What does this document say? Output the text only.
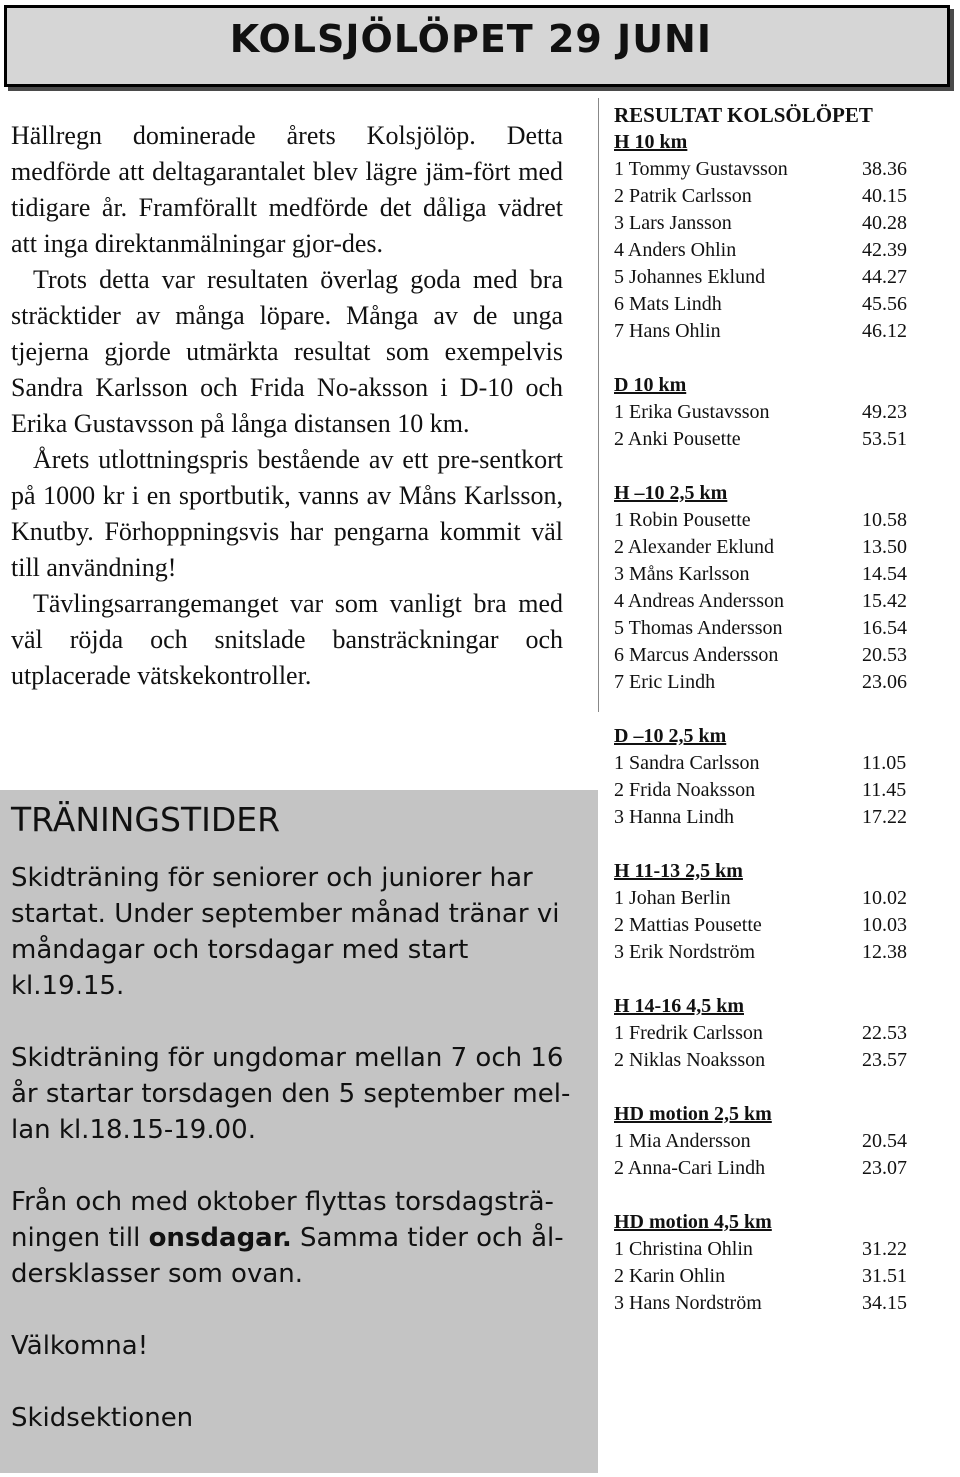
KOLSJÖLÖPET 29 JUNI

Hällregn dominerade årets Kolsjölöp. Detta medförde att deltagarantalet blev lägre jäm-fört med tidigare år. Framförallt medförde det dåliga vädret att inga direktanmälningar gjor-des.

Trots detta var resultaten överlag goda med bra sträcktider av många löpare. Många av de unga tjejerna gjorde utmärkta resultat som exempelvis Sandra Karlsson och Frida No-aksson i D-10 och Erika Gustavsson på långa distansen 10 km.

Årets utlottningspris bestående av ett pre-sentkort på 1000 kr i en sportbutik, vanns av Måns Karlsson, Knutby. Förhoppningsvis har pengarna kommit väl till användning!

Tävlingsarrangemanget var som vanligt bra med väl röjda och snitslade bansträckningar och utplacerade vätskekontroller.

RESULTAT KOLSÖLÖPET
H 10 km
1 Tommy Gustavsson	38.36
2 Patrik Carlsson	40.15
3 Lars Jansson	40.28
4 Anders Ohlin	42.39
5 Johannes Eklund	44.27
6 Mats Lindh	45.56
7 Hans Ohlin	46.12
D 10 km
1 Erika Gustavsson	49.23
2 Anki Pousette	53.51
H –10 2,5 km
1 Robin Pousette	10.58
2 Alexander Eklund	13.50
3 Måns Karlsson	14.54
4 Andreas Andersson	15.42
5 Thomas Andersson	16.54
6 Marcus Andersson	20.53
7 Eric Lindh	23.06
D –10 2,5 km
1 Sandra Carlsson	11.05
2 Frida Noaksson	11.45
3 Hanna Lindh	17.22
H 11-13 2,5 km
1 Johan Berlin	10.02
2 Mattias Pousette	10.03
3 Erik Nordström	12.38
H 14-16 4,5 km
1 Fredrik Carlsson	22.53
2 Niklas Noaksson	23.57
HD motion 2,5 km
1 Mia Andersson	20.54
2 Anna-Cari Lindh	23.07
HD motion 4,5 km
1 Christina Ohlin	31.22
2 Karin Ohlin	31.51
3 Hans Nordström	34.15
TRÄNINGSTIDER

Skidträning för seniorer och juniorer har startat. Under september månad tränar vi måndagar och torsdagar med start kl.19.15.

Skidträning för ungdomar mellan 7 och 16 år startar torsdagen den 5 september mel-lan kl.18.15-19.00.

Från och med oktober flyttas torsdagsträ-ningen till onsdagar. Samma tider och ål-dersklasser som ovan.

Välkomna!

Skidsektionen
